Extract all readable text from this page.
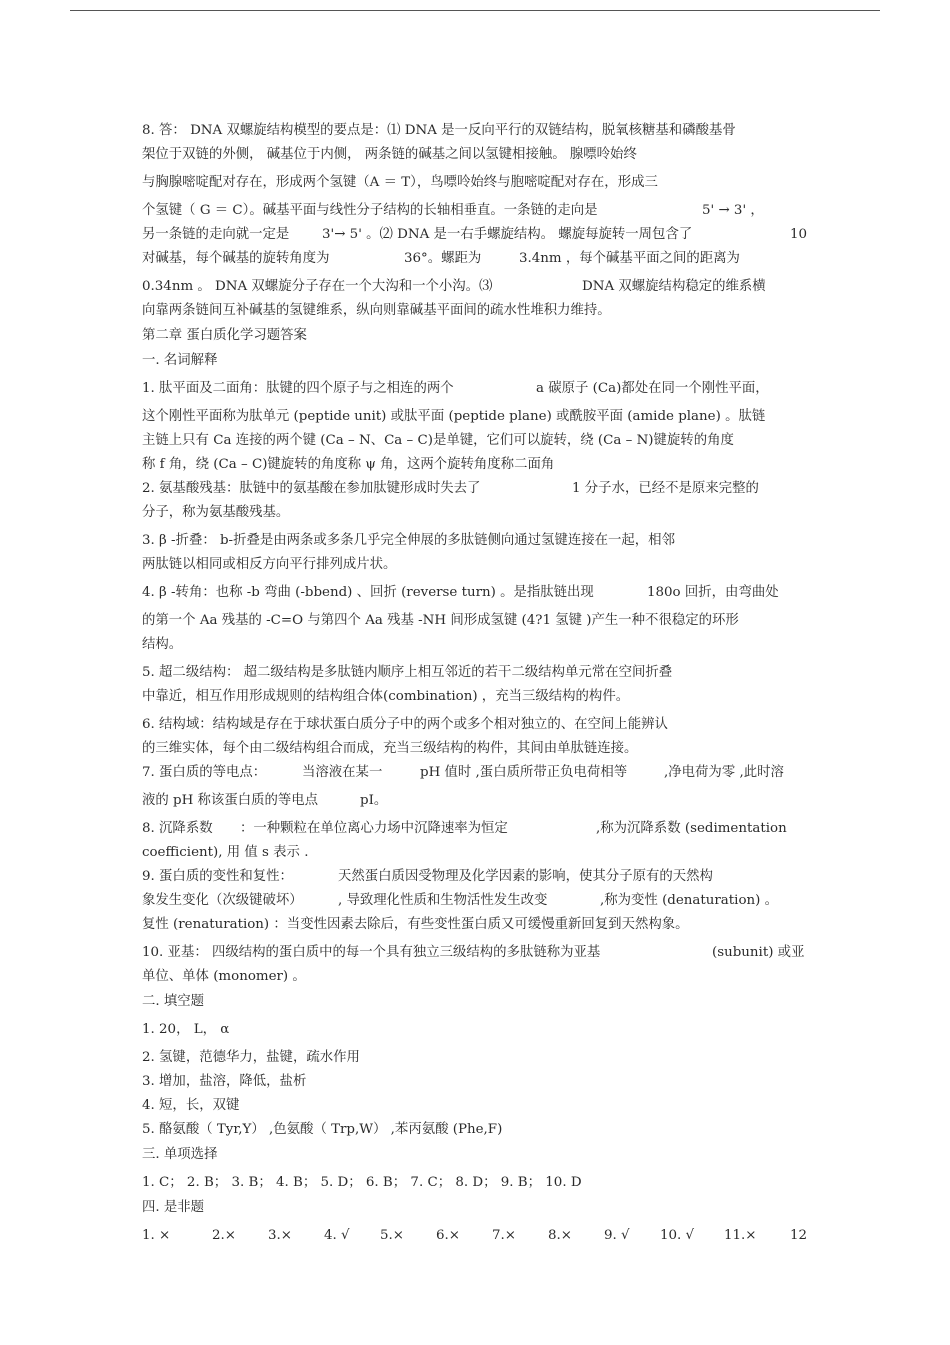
8. 答： DNA 双螺旋结构模型的要点是：⑴ DNA 是一反向平行的双链结构，脱氧核糖基和磷酸基骨
架位于双链的外侧， 碱基位于内侧， 两条链的碱基之间以氢键相接触。 腺嘌呤始终
与胸腺嘧啶配对存在，形成两个氢键（A ＝ T），鸟嘌呤始终与胞嘧啶配对存在，形成三
个氢键（ G ＝ C）。碱基平面与线性分子结构的长轴相垂直。一条链的走向是	5' → 3' ，
另一条链的走向就一定是 3'→ 5' 。⑵ DNA 是一右手螺旋结构。 螺旋每旋转一周包含了	10
对碱基，每个碱基的旋转角度为	36°。螺距为	3.4nm ，每个碱基平面之间的距离为
0.34nm 。 DNA 双螺旋分子存在一个大沟和一个小沟。⑶	DNA 双螺旋结构稳定的维系横
向靠两条链间互补碱基的氢键维系，纵向则靠碱基平面间的疏水性堆积力维持。
第二章 蛋白质化学习题答案
一. 名词解释
1. 肽平面及二面角：肽键的四个原子与之相连的两个	a 碳原子 (Ca)都处在同一个刚性平面，
这个刚性平面称为肽单元 (peptide unit) 或肽平面 (peptide plane) 或酰胺平面 (amide plane) 。肽链
主链上只有 Ca 连接的两个键 (Ca – N、Ca – C)是单键，它们可以旋转，绕 (Ca – N)键旋转的角度
称 f 角，绕 (Ca – C)键旋转的角度称 ψ 角，这两个旋转角度称二面角
2. 氨基酸残基：肽链中的氨基酸在参加肽键形成时失去了	1 分子水，已经不是原来完整的
分子，称为氨基酸残基。
3. β -折叠： b-折叠是由两条或多条几乎完全伸展的多肽链侧向通过氢键连接在一起，相邻
两肽链以相同或相反方向平行排列成片状。
4. β -转角：也称 -b 弯曲 (-bbend) 、回折 (reverse turn) 。是指肽链出现	180o 回折，由弯曲处
的第一个 Aa 残基的 -C=O 与第四个 Aa 残基 -NH 间形成氢键 (4?1 氢键 )产生一种不很稳定的环形
结构。
5. 超二级结构： 超二级结构是多肽链内顺序上相互邻近的若干二级结构单元常在空间折叠
中靠近，相互作用形成规则的结构组合体(combination) ，充当三级结构的构件。
6. 结构域：结构域是存在于球状蛋白质分子中的两个或多个相对独立的、在空间上能辨认
的三维实体，每个由二级结构组合而成，充当三级结构的构件，其间由单肽链连接。
7. 蛋白质的等电点：	当溶液在某一	pH 值时 ,蛋白质所带正负电荷相等	,净电荷为零 ,此时溶
液的 pH 称该蛋白质的等电点	pI。
8. 沉降系数 ：一种颗粒在单位离心力场中沉降速率为恒定	,称为沉降系数 (sedimentation
coefficient), 用 值 s 表示 .
9. 蛋白质的变性和复性：	天然蛋白质因受物理及化学因素的影响，使其分子原有的天然构
象发生变化（次级键破坏）	, 导致理化性质和生物活性发生改变	,称为变性 (denaturation) 。
复性 (renaturation) ：当变性因素去除后，有些变性蛋白质又可缓慢重新回复到天然构象。
10. 亚基： 四级结构的蛋白质中的每一个具有独立三级结构的多肽链称为亚基	(subunit) 或亚
单位、单体 (monomer) 。
二. 填空题
1. 20， L， α
2. 氢键，范德华力，盐键，疏水作用
3. 增加，盐溶，降低，盐析
4. 短，长，双键
5. 酪氨酸（ Tyr,Y） ,色氨酸（ Trp,W） ,苯丙氨酸 (Phe,F)
三. 单项选择
1. C； 2. B； 3. B； 4. B； 5. D； 6. B； 7. C； 8. D； 9. B； 10. D
四. 是非题
1. ×	2.× 3.× 4. √ 5.× 6.× 7.× 8.× 9. √ 10. √ 11.× 12
